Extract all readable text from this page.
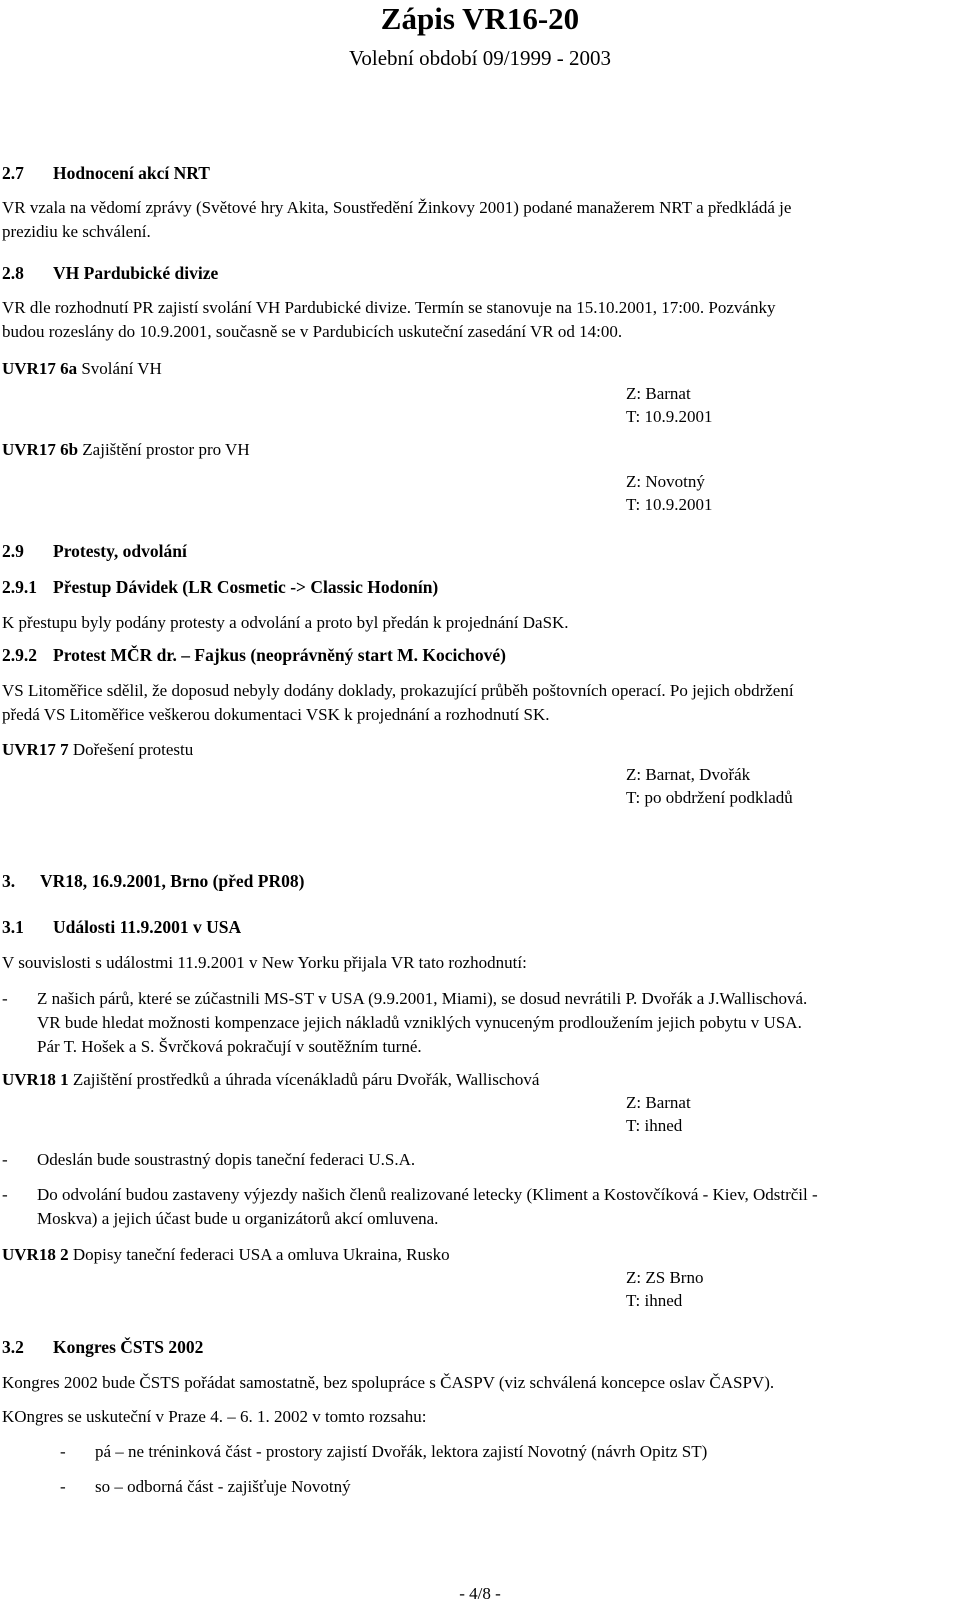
Zápis VR16-20
Volební období 09/1999 - 2003
2.7 Hodnocení akcí NRT
VR vzala na vědomí zprávy (Světové hry Akita, Soustředění Žinkovy 2001) podané manažerem NRT a předkládá je
prezidiu ke schválení.
2.8 VH Pardubické divize
VR dle rozhodnutí PR zajistí svolání VH Pardubické divize. Termín se stanovuje na 15.10.2001, 17:00. Pozvánky
budou rozeslány do 10.9.2001, současně se v Pardubicích uskuteční zasedání VR od 14:00.
UVR17 6a Svolání VH
Z: Barnat
T: 10.9.2001
UVR17 6b Zajištění prostor pro VH
Z: Novotný
T: 10.9.2001
2.9 Protesty, odvolání
2.9.1 Přestup Dávidek (LR Cosmetic -> Classic Hodonín)
K přestupu byly podány protesty a odvolání a proto byl předán k projednání DaSK.
2.9.2 Protest MČR dr. – Fajkus (neoprávněný start M. Kocichové)
VS Litoměřice sdělil, že doposud nebyly dodány doklady, prokazující průběh poštovních operací. Po jejich obdržení
předá VS Litoměřice veškerou dokumentaci VSK k projednání a rozhodnutí SK.
UVR17 7 Dořešení protestu
Z: Barnat, Dvořák
T: po obdržení podkladů
3. VR18, 16.9.2001, Brno (před PR08)
3.1 Události 11.9.2001 v USA
V souvislosti s událostmi 11.9.2001 v New Yorku přijala VR tato rozhodnutí:
- Z našich párů, které se zúčastnili MS-ST v USA (9.9.2001, Miami), se dosud nevrátili P. Dvořák a J.Wallischová.
VR bude hledat možnosti kompenzace jejich nákladů vzniklých vynuceným prodloužením jejich pobytu v USA.
Pár T. Hošek a S. Švrčková pokračují v soutěžním turné.
UVR18 1 Zajištění prostředků a úhrada vícenákladů páru Dvořák, Wallischová
Z: Barnat
T: ihned
- Odeslán bude soustrastný dopis taneční federaci U.S.A.
- Do odvolání budou zastaveny výjezdy našich členů realizované letecky (Kliment a Kostovčíková - Kiev, Odstrčil -
Moskva) a jejich účast bude u organizátorů akcí omluvena.
UVR18 2 Dopisy taneční federaci USA a omluva Ukraina, Rusko
Z: ZS Brno
T: ihned
3.2 Kongres ČSTS 2002
Kongres 2002 bude ČSTS pořádat samostatně, bez spolupráce s ČASPV (viz schválená koncepce oslav ČASPV).
KOngres se uskuteční v Praze 4. – 6. 1. 2002 v tomto rozsahu:
- pá – ne tréninková část - prostory zajistí Dvořák, lektora zajistí Novotný (návrh Opitz ST)
- so – odborná část - zajišťuje Novotný
- 4/8 -
